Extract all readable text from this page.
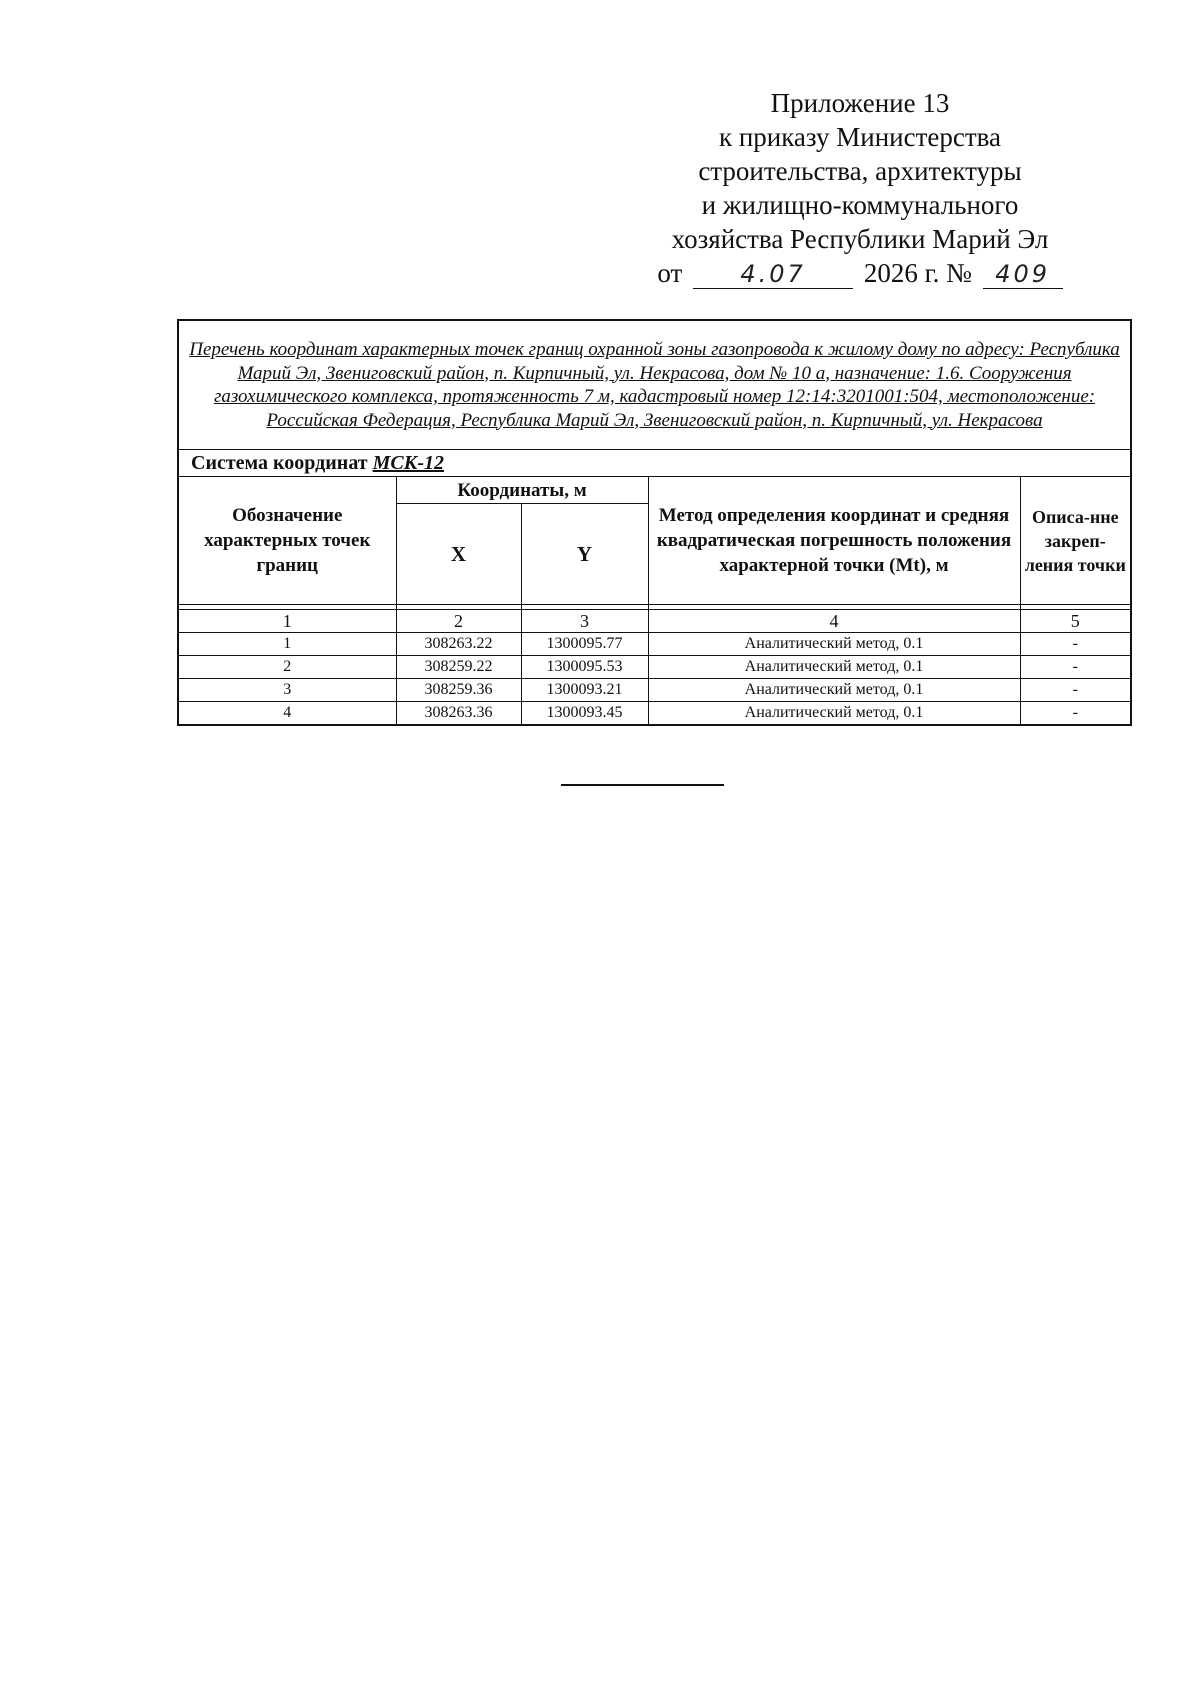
Приложение 13
к приказу Министерства
строительства, архитектуры
и жилищно-коммунального
хозяйства Республики Марий Эл
от 4.07 2026 г. № 409
Перечень координат характерных точек границ охранной зоны газопровода к жилому дому по адресу: Республика Марий Эл, Звениговский район, п. Кирпичный, ул. Некрасова, дом № 10 а, назначение: 1.6. Сооружения газохимического комплекса, протяженность 7 м, кадастровый номер 12:14:3201001:504, местоположение: Российская Федерация, Республика Марий Эл, Звениговский район, п. Кирпичный, ул. Некрасова				
Система координат МСК-12				
Обозначение характерных точек границ	Координаты, м		Метод определения координат и средняя квадратическая погрешность положения характерной точки (Mt), м	Описа-нне закреп-ления точки
	X	Y		

1	2	3	4	5
1	308263.22	1300095.77	Аналитический метод, 0.1	-
2	308259.22	1300095.53	Аналитический метод, 0.1	-
3	308259.36	1300093.21	Аналитический метод, 0.1	-
4	308263.36	1300093.45	Аналитический метод, 0.1	-
